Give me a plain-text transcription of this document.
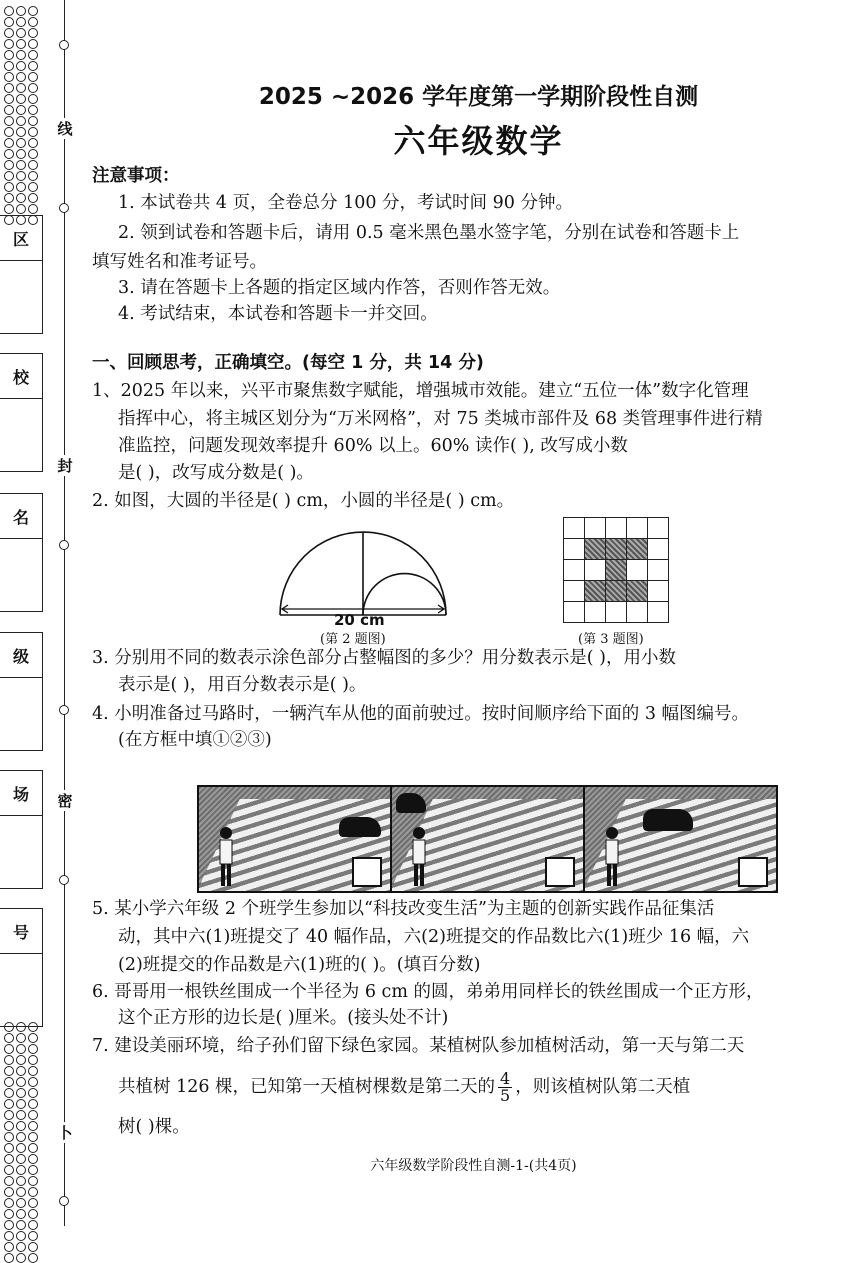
线
封
密
卜
区
校
名
级
场
号
2025 ~2026 学年度第一学期阶段性自测
六年级数学
注意事项：
1. 本试卷共 4 页，全卷总分 100 分，考试时间 90 分钟。
2. 领到试卷和答题卡后，请用 0.5 毫米黑色墨水签字笔，分别在试卷和答题卡上
填写姓名和准考证号。
3. 请在答题卡上各题的指定区域内作答，否则作答无效。
4. 考试结束，本试卷和答题卡一并交回。
一、回顾思考，正确填空。(每空 1 分，共 14 分)
1、2025 年以来，兴平市聚焦数字赋能，增强城市效能。建立“五位一体”数字化管理
指挥中心，将主城区划分为“万米网格”，对 75 类城市部件及 68 类管理事件进行精
准监控，问题发现效率提升 60% 以上。60% 读作( ), 改写成小数
是( )，改写成分数是( )。
2. 如图，大圆的半径是( ) cm，小圆的半径是( ) cm。
20 cm
(第 2 题图)	(第 3 题图)
3. 分别用不同的数表示涂色部分占整幅图的多少？用分数表示是( )，用小数
表示是( )，用百分数表示是( )。
4. 小明准备过马路时，一辆汽车从他的面前驶过。按时间顺序给下面的 3 幅图编号。
(在方框中填①②③)
5. 某小学六年级 2 个班学生参加以“科技改变生活”为主题的创新实践作品征集活
动，其中六(1)班提交了 40 幅作品，六(2)班提交的作品数比六(1)班少 16 幅，六
(2)班提交的作品数是六(1)班的( )。(填百分数)
6. 哥哥用一根铁丝围成一个半径为 6 cm 的圆，弟弟用同样长的铁丝围成一个正方形，
这个正方形的边长是( )厘米。(接头处不计)
7. 建设美丽环境，给子孙们留下绿色家园。某植树队参加植树活动，第一天与第二天
共植树 126 棵，已知第一天植树棵数是第二天的 $\frac{4}{5}$ ，则该植树队第二天植
树( )棵。
六年级数学阶段性自测-1-(共4页)
